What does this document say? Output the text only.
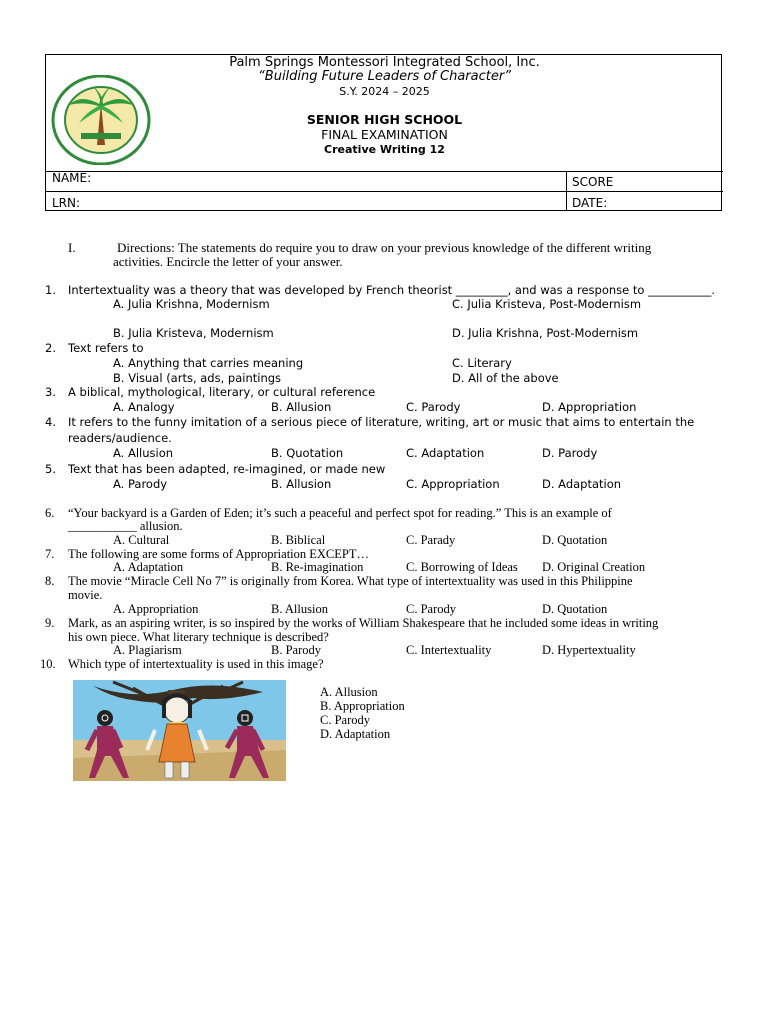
Palm Springs Montessori Integrated School, Inc.
“Building Future Leaders of Character”
S.Y. 2024 – 2025
SENIOR HIGH SCHOOL
FINAL EXAMINATION
Creative Writing 12
NAME:	SCORE
LRN:	DATE:
I.	Directions: The statements do require you to draw on your previous knowledge of the different writing
activities. Encircle the letter of your answer.
1. Intertextuality was a theory that was developed by French theorist _________, and was a response to ___________.
A. Julia Krishna, Modernism	C. Julia Kristeva, Post-Modernism
B. Julia Kristeva, Modernism	D. Julia Krishna, Post-Modernism
2. Text refers to
A. Anything that carries meaning	C. Literary
B. Visual (arts, ads, paintings	D. All of the above
3. A biblical, mythological, literary, or cultural reference
A. Analogy	B. Allusion	C. Parody	D. Appropriation
4. It refers to the funny imitation of a serious piece of literature, writing, art or music that aims to entertain the
readers/audience.
A. Allusion	B. Quotation	C. Adaptation	D. Parody
5. Text that has been adapted, re-imagined, or made new
A. Parody	B. Allusion	C. Appropriation	D. Adaptation
6. “Your backyard is a Garden of Eden; it’s such a peaceful and perfect spot for reading.” This is an example of
___________ allusion.
A. Cultural	B. Biblical	C. Parady	D. Quotation
7. The following are some forms of Appropriation EXCEPT…
A. Adaptation	B. Re-imagination	C. Borrowing of Ideas D. Original Creation
8. The movie “Miracle Cell No 7” is originally from Korea. What type of intertextuality was used in this Philippine
movie.
A. Appropriation	B. Allusion	C. Parody	D. Quotation
9. Mark, as an aspiring writer, is so inspired by the works of William Shakespeare that he included some ideas in writing
his own piece. What literary technique is described?
A. Plagiarism	B. Parody	C. Intertextuality	D. Hypertextuality
10. Which type of intertextuality is used in this image?
A. Allusion
B. Appropriation
C. Parody
D. Adaptation
